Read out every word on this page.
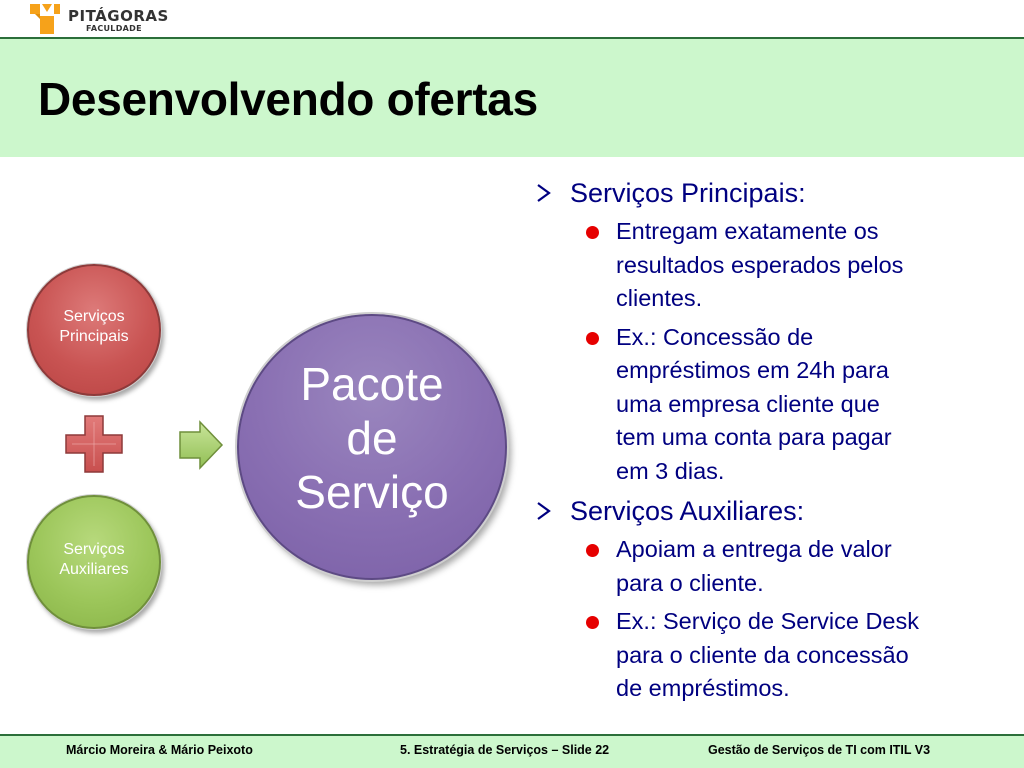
PITÁGORAS
FACULDADE
Desenvolvendo ofertas
Serviços
Principais
Serviços
Auxiliares
Pacote
de
Serviço
Serviços Principais:
Entregam exatamente os
resultados esperados pelos
clientes.
Ex.: Concessão de
empréstimos em 24h para
uma empresa cliente que
tem uma conta para pagar
em 3 dias.
Serviços Auxiliares:
Apoiam a entrega de valor
para o cliente.
Ex.: Serviço de Service Desk
para o cliente da concessão
de empréstimos.
Márcio Moreira & Mário Peixoto	5. Estratégia de Serviços – Slide 22	Gestão de Serviços de TI com ITIL V3
